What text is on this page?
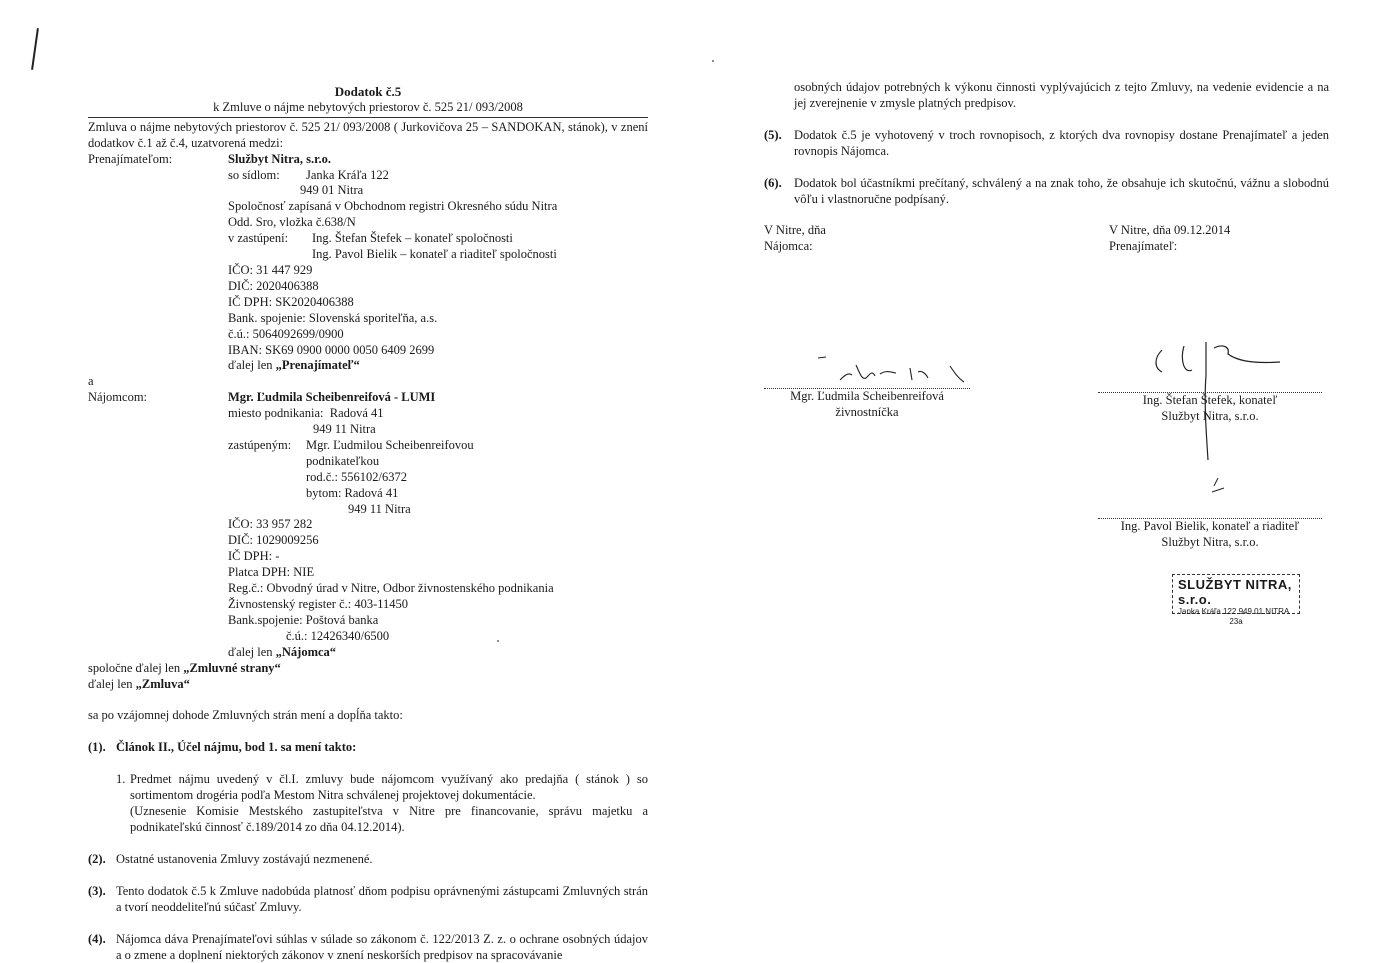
Dodatok č.5
k Zmluve o nájme nebytových priestorov č. 525 21/ 093/2008
Zmluva o nájme nebytových priestorov č. 525 21/ 093/2008 ( Jurkovičova 25 – SANDOKAN, stánok), v znení dodatkov č.1 až č.4, uzatvorená medzi:
Prenajímateľom:	Službyt Nitra, s.r.o.
so sídlom: Janka Kráľa 122
949 01 Nitra
Spoločnosť zapísaná v Obchodnom registri Okresného súdu Nitra
Odd. Sro, vložka č.638/N
v zastúpení: Ing. Štefan Štefek – konateľ spoločnosti
Ing. Pavol Bielik – konateľ a riaditeľ spoločnosti
IČO: 31 447 929
DIČ: 2020406388
IČ DPH: SK2020406388
Bank. spojenie: Slovenská sporiteľňa, a.s.
č.ú.: 5064092699/0900
IBAN: SK69 0900 0000 0050 6409 2699
ďalej len „Prenajímateľ“
a
Nájomcom:	Mgr. Ľudmila Scheibenreifová - LUMI
miesto podnikania: Radová 41
949 11 Nitra
zastúpeným: Mgr. Ľudmilou Scheibenreifovou
podnikateľkou
rod.č.: 556102/6372
bytom: Radová 41
949 11 Nitra
IČO: 33 957 282
DIČ: 1029009256
IČ DPH: -
Platca DPH: NIE
Reg.č.: Obvodný úrad v Nitre, Odbor živnostenského podnikania
Živnostenský register č.: 403-11450
Bank.spojenie: Poštová banka
č.ú.: 12426340/6500
ďalej len „Nájomca“
spoločne ďalej len „Zmluvné strany“
ďalej len „Zmluva“
sa po vzájomnej dohode Zmluvných strán mení a dopĺňa takto:
(1). Článok II., Účel nájmu, bod 1. sa mení takto:
1. Predmet nájmu uvedený v čl.I. zmluvy bude nájomcom využívaný ako predajňa ( stánok ) so sortimentom drogéria podľa Mestom Nitra schválenej projektovej dokumentácie.
(Uznesenie Komisie Mestského zastupiteľstva v Nitre pre financovanie, správu majetku a podnikateľskú činnosť č.189/2014 zo dňa 04.12.2014).
(2). Ostatné ustanovenia Zmluvy zostávajú nezmenené.
(3). Tento dodatok č.5 k Zmluve nadobúda platnosť dňom podpisu oprávnenými zástupcami Zmluvných strán a tvorí neoddeliteľnú súčasť Zmluvy.
(4). Nájomca dáva Prenajímateľovi súhlas v súlade so zákonom č. 122/2013 Z. z. o ochrane osobných údajov a o zmene a doplnení niektorých zákonov v znení neskorších predpisov na spracovávanie
osobných údajov potrebných k výkonu činnosti vyplývajúcich z tejto Zmluvy, na vedenie evidencie a na jej zverejnenie v zmysle platných predpisov.
(5). Dodatok č.5 je vyhotovený v troch rovnopisoch, z ktorých dva rovnopisy dostane Prenajímateľ a jeden rovnopis Nájomca.
(6). Dodatok bol účastníkmi prečítaný, schválený a na znak toho, že obsahuje ich skutočnú, vážnu a slobodnú vôľu i vlastnoručne podpísaný.
V Nitre, dňa
Nájomca:
V Nitre, dňa 09.12.2014
Prenajímateľ:
Mgr. Ľudmila Scheibenreifová
živnostníčka
Ing. Štefan Štefek, konateľ
Službyt Nitra, s.r.o.
Ing. Pavol Bielik, konateľ a riaditeľ
Službyt Nitra, s.r.o.
SLUŽBYT NITRA, s.r.o.
Janka Kráľa 122 949 01 NITRA
23a
